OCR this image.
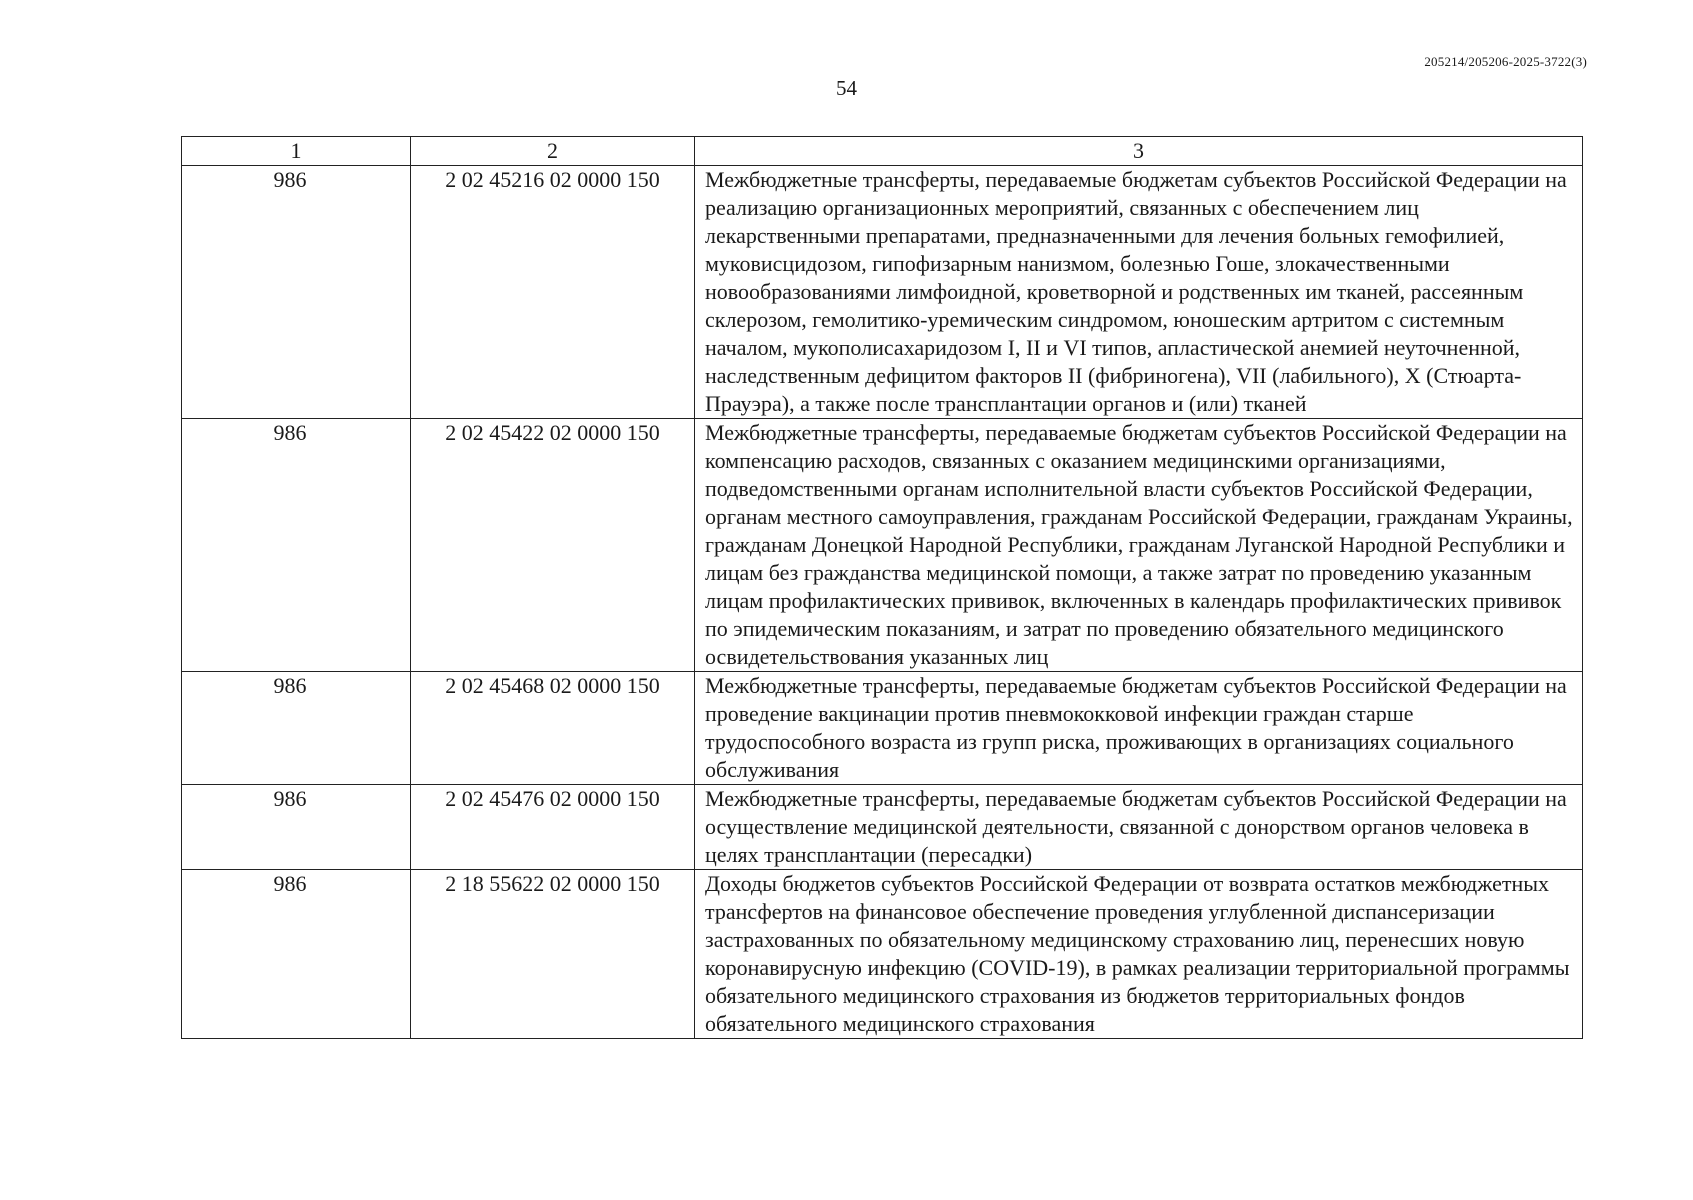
205214/205206-2025-3722(3)
54
1	2	3
986	2 02 45216 02 0000 150	Межбюджетные трансферты, передаваемые бюджетам субъектов Российской Федерации на реализацию организационных мероприятий, связанных с обеспечением лиц лекарственными препаратами, предназначенными для лечения больных гемофилией, муковисцидозом, гипофизарным нанизмом, болезнью Гоше, злокачественными новообразованиями лимфоидной, кроветворной и родственных им тканей, рассеянным склерозом, гемолитико-уремическим синдромом, юношеским артритом с системным началом, мукополисахаридозом I, II и VI типов, апластической анемией неуточненной, наследственным дефицитом факторов II (фибриногена), VII (лабильного), X (Стюарта-Прауэра), а также после трансплантации органов и (или) тканей
986	2 02 45422 02 0000 150	Межбюджетные трансферты, передаваемые бюджетам субъектов Российской Федерации на компенсацию расходов, связанных с оказанием медицинскими организациями, подведомственными органам исполнительной власти субъектов Российской Федерации, органам местного самоуправления, гражданам Российской Федерации, гражданам Украины, гражданам Донецкой Народной Республики, гражданам Луганской Народной Республики и лицам без гражданства медицинской помощи, а также затрат по проведению указанным лицам профилактических прививок, включенных в календарь профилактических прививок по эпидемическим показаниям, и затрат по проведению обязательного медицинского освидетельствования указанных лиц
986	2 02 45468 02 0000 150	Межбюджетные трансферты, передаваемые бюджетам субъектов Российской Федерации на проведение вакцинации против пневмококковой инфекции граждан старше трудоспособного возраста из групп риска, проживающих в организациях социального обслуживания
986	2 02 45476 02 0000 150	Межбюджетные трансферты, передаваемые бюджетам субъектов Российской Федерации на осуществление медицинской деятельности, связанной с донорством органов человека в целях трансплантации (пересадки)
986	2 18 55622 02 0000 150	Доходы бюджетов субъектов Российской Федерации от возврата остатков межбюджетных трансфертов на финансовое обеспечение проведения углубленной диспансеризации застрахованных по обязательному медицинскому страхованию лиц, перенесших новую коронавирусную инфекцию (COVID-19), в рамках реализации территориальной программы обязательного медицинского страхования из бюджетов территориальных фондов обязательного медицинского страхования
